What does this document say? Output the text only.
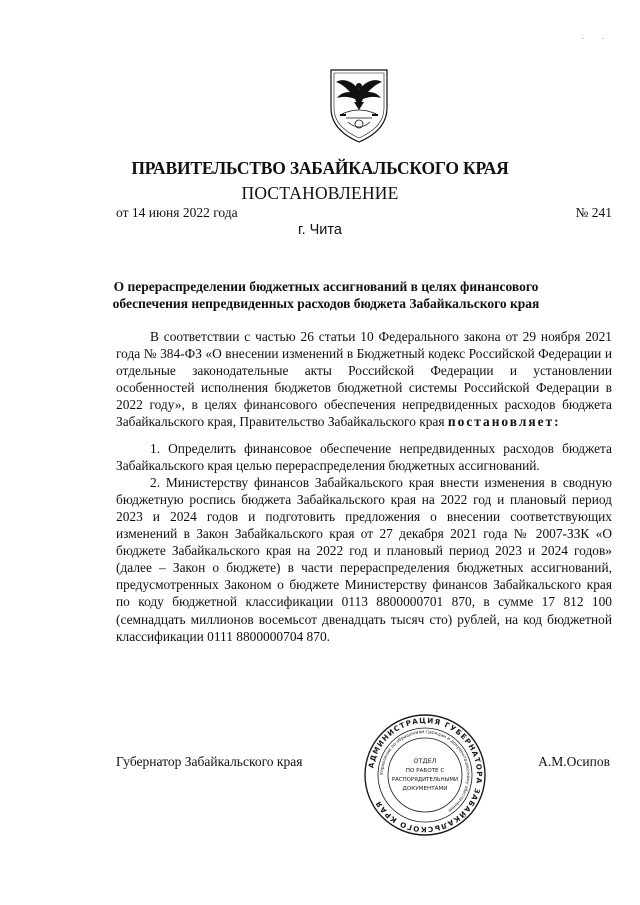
. .
ПРАВИТЕЛЬСТВО ЗАБАЙКАЛЬСКОГО КРАЯ
ПОСТАНОВЛЕНИЕ
от 14 июня 2022 года	№ 241
г. Чита
О перераспределении бюджетных ассигнований в целях финансового
обеспечения непредвиденных расходов бюджета Забайкальского края

В соответствии с частью 26 статьи 10 Федерального закона от 29 ноября 2021 года № 384-ФЗ «О внесении изменений в Бюджетный кодекс Российской Федерации и отдельные законодательные акты Российской Федерации и установлении особенностей исполнения бюджетов бюджетной системы Российской Федерации в 2022 году», в целях финансового обеспечения непредвиденных расходов бюджета Забайкальского края, Правительство Забайкальского края постановляет:

1. Определить финансовое обеспечение непредвиденных расходов бюджета Забайкальского края целью перераспределения бюджетных ассигнований.

2. Министерству финансов Забайкальского края внести изменения в сводную бюджетную роспись бюджета Забайкальского края на 2022 год и плановый период 2023 и 2024 годов и подготовить предложения о внесении соответствующих изменений в Закон Забайкальского края от 27 декабря 2021 года № 2007-ЗЗК «О бюджете Забайкальского края на 2022 год и плановый период 2023 и 2024 годов» (далее – Закон о бюджете) в части перераспределения бюджетных ассигнований, предусмотренных Законом о бюджете Министерству финансов Забайкальского края по коду бюджетной классификации 0113 8800000701 870, в сумме 17 812 100 (семнадцать миллионов восемьсот двенадцать тысяч сто) рублей, на код бюджетной классификации 0111 8800000704 870.

Губернатор Забайкальского края	А.М.Осипов
АДМИНИСТРАЦИЯ ГУБЕРНАТОРА ЗАБАЙКАЛЬСКОГО КРАЯ
Управление по обращениям граждан и документационному обеспечению
ОТДЕЛ
ПО РАБОТЕ С
РАСПОРЯДИТЕЛЬНЫМИ
ДОКУМЕНТАМИ
